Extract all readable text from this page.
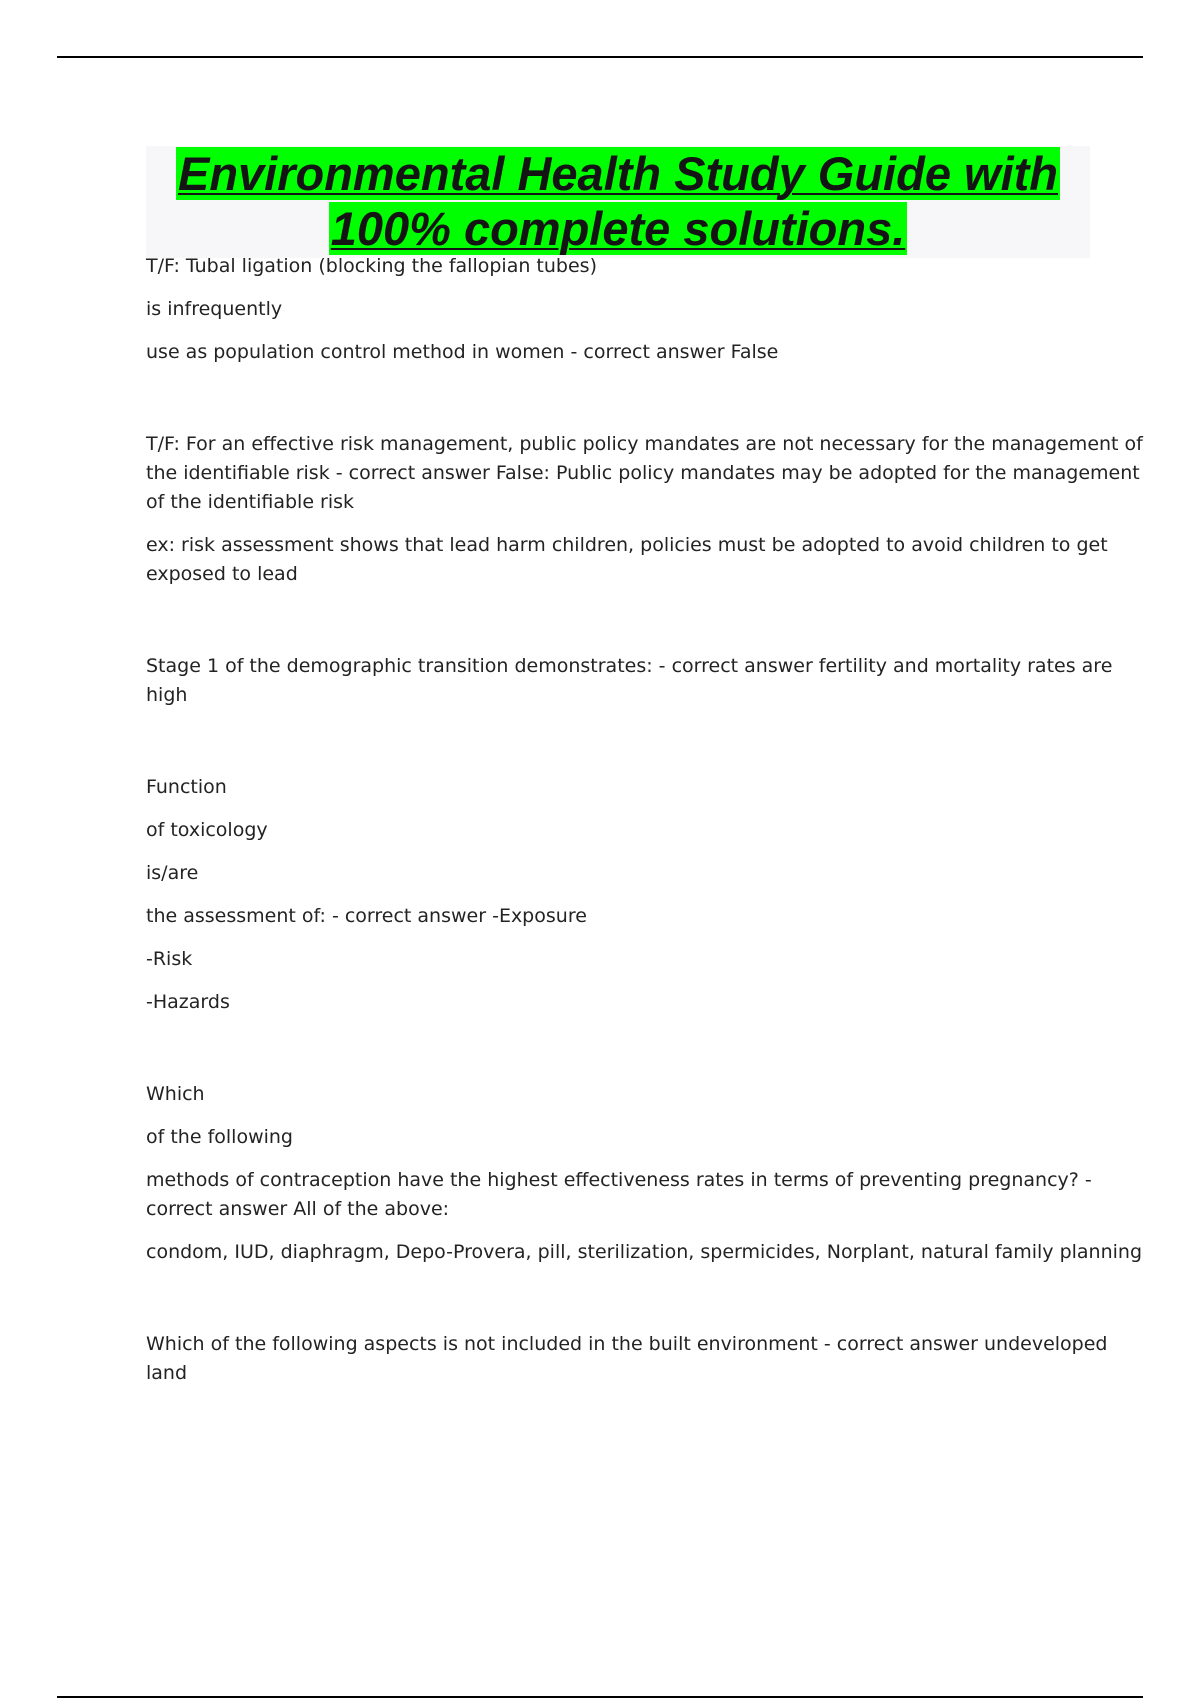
Environmental Health Study Guide with

100% complete solutions.

T/F: Tubal ligation (blocking the fallopian tubes)

is infrequently

use as population control method in women - correct answer False

T/F: For an effective risk management, public policy mandates are not necessary for the management of

the identifiable risk - correct answer False: Public policy mandates may be adopted for the management

of the identifiable risk

ex: risk assessment shows that lead harm children, policies must be adopted to avoid children to get

exposed to lead

Stage 1 of the demographic transition demonstrates: - correct answer fertility and mortality rates are

high

Function

of toxicology

is/are

the assessment of: - correct answer -Exposure

-Risk

-Hazards

Which

of the following

methods of contraception have the highest effectiveness rates in terms of preventing pregnancy? -

correct answer All of the above:

condom, IUD, diaphragm, Depo-Provera, pill, sterilization, spermicides, Norplant, natural family planning

Which of the following aspects is not included in the built environment - correct answer undeveloped

land
